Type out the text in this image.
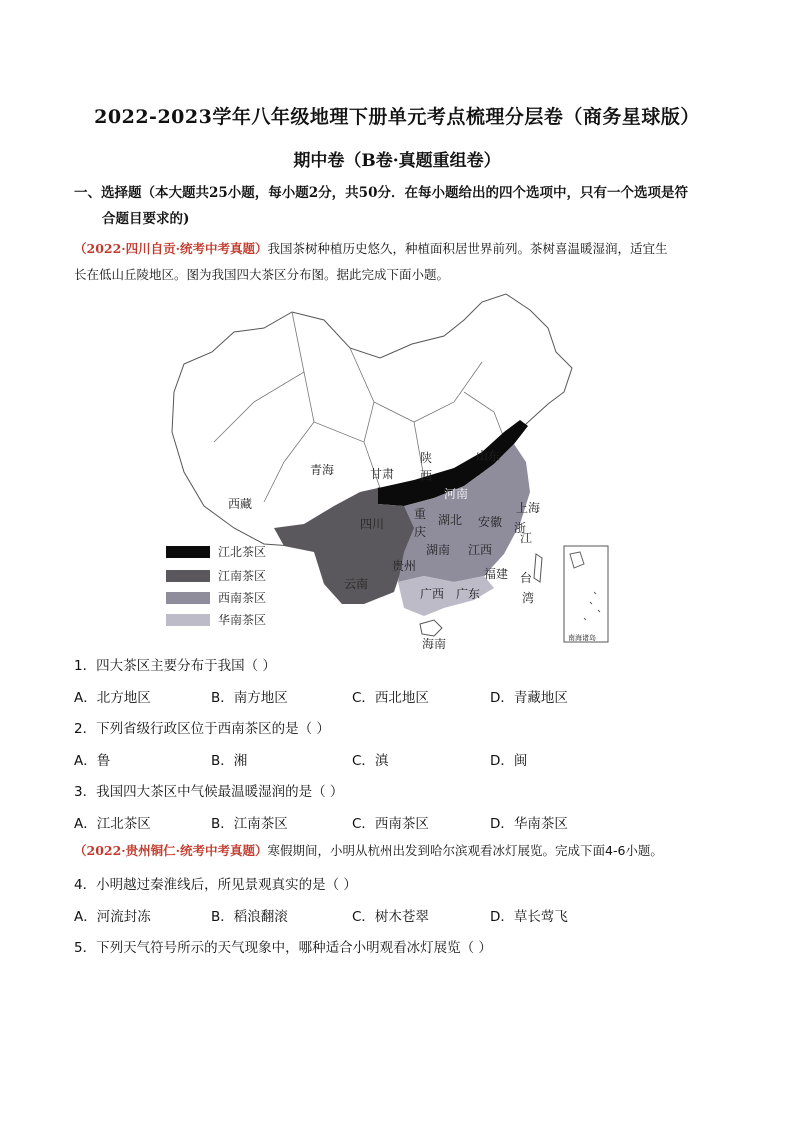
2022-2023学年八年级地理下册单元考点梳理分层卷（商务星球版）
期中卷（B卷·真题重组卷）
一、选择题（本大题共25小题，每小题2分，共50分．在每小题给出的四个选项中，只有一个选项是符
合题目要求的)
（2022·四川自贡·统考中考真题）我国茶树种植历史悠久，种植面积居世界前列。茶树喜温暖湿润，适宜生
长在低山丘陵地区。图为我国四大茶区分布图。据此完成下面小题。
青海	甘肃
陕
西
山东
河南
西藏
四川
重
庆
湖北 安徽
上海
湖南 江西
浙
江
贵州
云南
福建 台
湾
广西 广东
海南	南海诸岛
江北茶区
江南茶区
西南茶区
华南茶区
1．四大茶区主要分布于我国（ ）
A．北方地区	B．南方地区	C．西北地区	D．青藏地区
2．下列省级行政区位于西南茶区的是（ ）
A．鲁	B．湘	C．滇	D．闽
3．我国四大茶区中气候最温暖湿润的是（ ）
A．江北茶区	B．江南茶区	C．西南茶区	D．华南茶区
（2022·贵州铜仁·统考中考真题）寒假期间，小明从杭州出发到哈尔滨观看冰灯展览。完成下面4-6小题。
4．小明越过秦淮线后，所见景观真实的是（ ）
A．河流封冻	B．稻浪翻滚	C．树木苍翠	D．草长莺飞
5．下列天气符号所示的天气现象中，哪种适合小明观看冰灯展览（ ）
